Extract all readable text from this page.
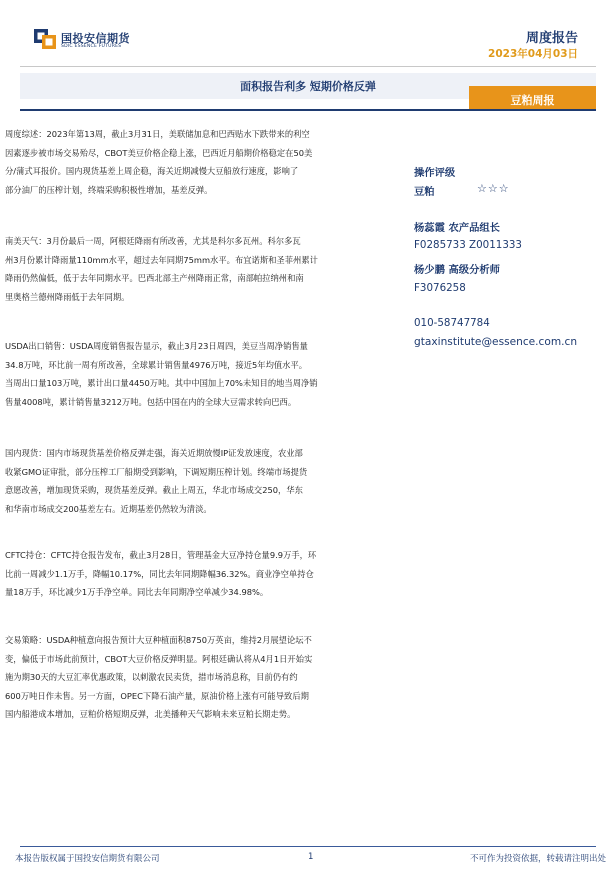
国投安信期货
SDIC ESSENCE FUTURES
周度报告
2023年04月03日
面积报告利多 短期价格反弹
豆粕周报

周度综述：2023年第13周，截止3月31日，美联储加息和巴西贴水下跌带来的利空
因素逐步被市场交易殆尽，CBOT美豆价格企稳上涨，巴西近月船期价格稳定在50美
分/蒲式耳报价。国内现货基差上周企稳，海关近期减慢大豆船放行速度，影响了
部分油厂的压榨计划，终端采购积极性增加，基差反弹。

南美天气：3月份最后一周，阿根廷降雨有所改善，尤其是科尔多瓦州。科尔多瓦
州3月份累计降雨量110mm水平，超过去年同期75mm水平。布宜诺斯和圣菲州累计
降雨仍然偏低，低于去年同期水平。巴西北部主产州降雨正常，南部帕拉纳州和南
里奥格兰德州降雨低于去年同期。

USDA出口销售：USDA周度销售报告显示，截止3月23日周四，美豆当周净销售量
34.8万吨，环比前一周有所改善，全球累计销售量4976万吨，接近5年均值水平。
当周出口量103万吨，累计出口量4450万吨。其中中国加上70%未知目的地当周净销
售量4008吨，累计销售量3212万吨。包括中国在内的全球大豆需求转向巴西。

国内现货：国内市场现货基差价格反弹走强，海关近期放慢IP证发放速度，农业部
收紧GMO证审批，部分压榨工厂船期受到影响，下调短期压榨计划。终端市场提货
意愿改善，增加现货采购，现货基差反弹。截止上周五，华北市场成交250，华东
和华南市场成交200基差左右。近期基差仍然较为清淡。

CFTC持仓：CFTC持仓报告发布，截止3月28日，管理基金大豆净持仓量9.9万手，环
比前一周减少1.1万手，降幅10.17%，同比去年同期降幅36.32%。商业净空单持仓
量18万手，环比减少1万手净空单。同比去年同期净空单减少34.98%。

交易策略：USDA种植意向报告预计大豆种植面积8750万英亩，维持2月展望论坛不
变，偏低于市场此前预计，CBOT大豆价格反弹明显。阿根廷确认将从4月1日开始实
施为期30天的大豆汇率优惠政策，以刺激农民卖货，措市场消息称，目前仍有约
600万吨日作未售。另一方面，OPEC下降石油产量，原油价格上涨有可能导致后期
国内船港成本增加，豆粕价格短期反弹，北美播种天气影响未来豆粕长期走势。

操作评级
豆粕	☆☆☆
杨蕊霞 农产品组长
F0285733 Z0011333
杨少鹏 高级分析师
F3076258
010-58747784
gtaxinstitute@essence.com.cn
本报告版权属于国投安信期货有限公司	1	不可作为投资依据，转载请注明出处
